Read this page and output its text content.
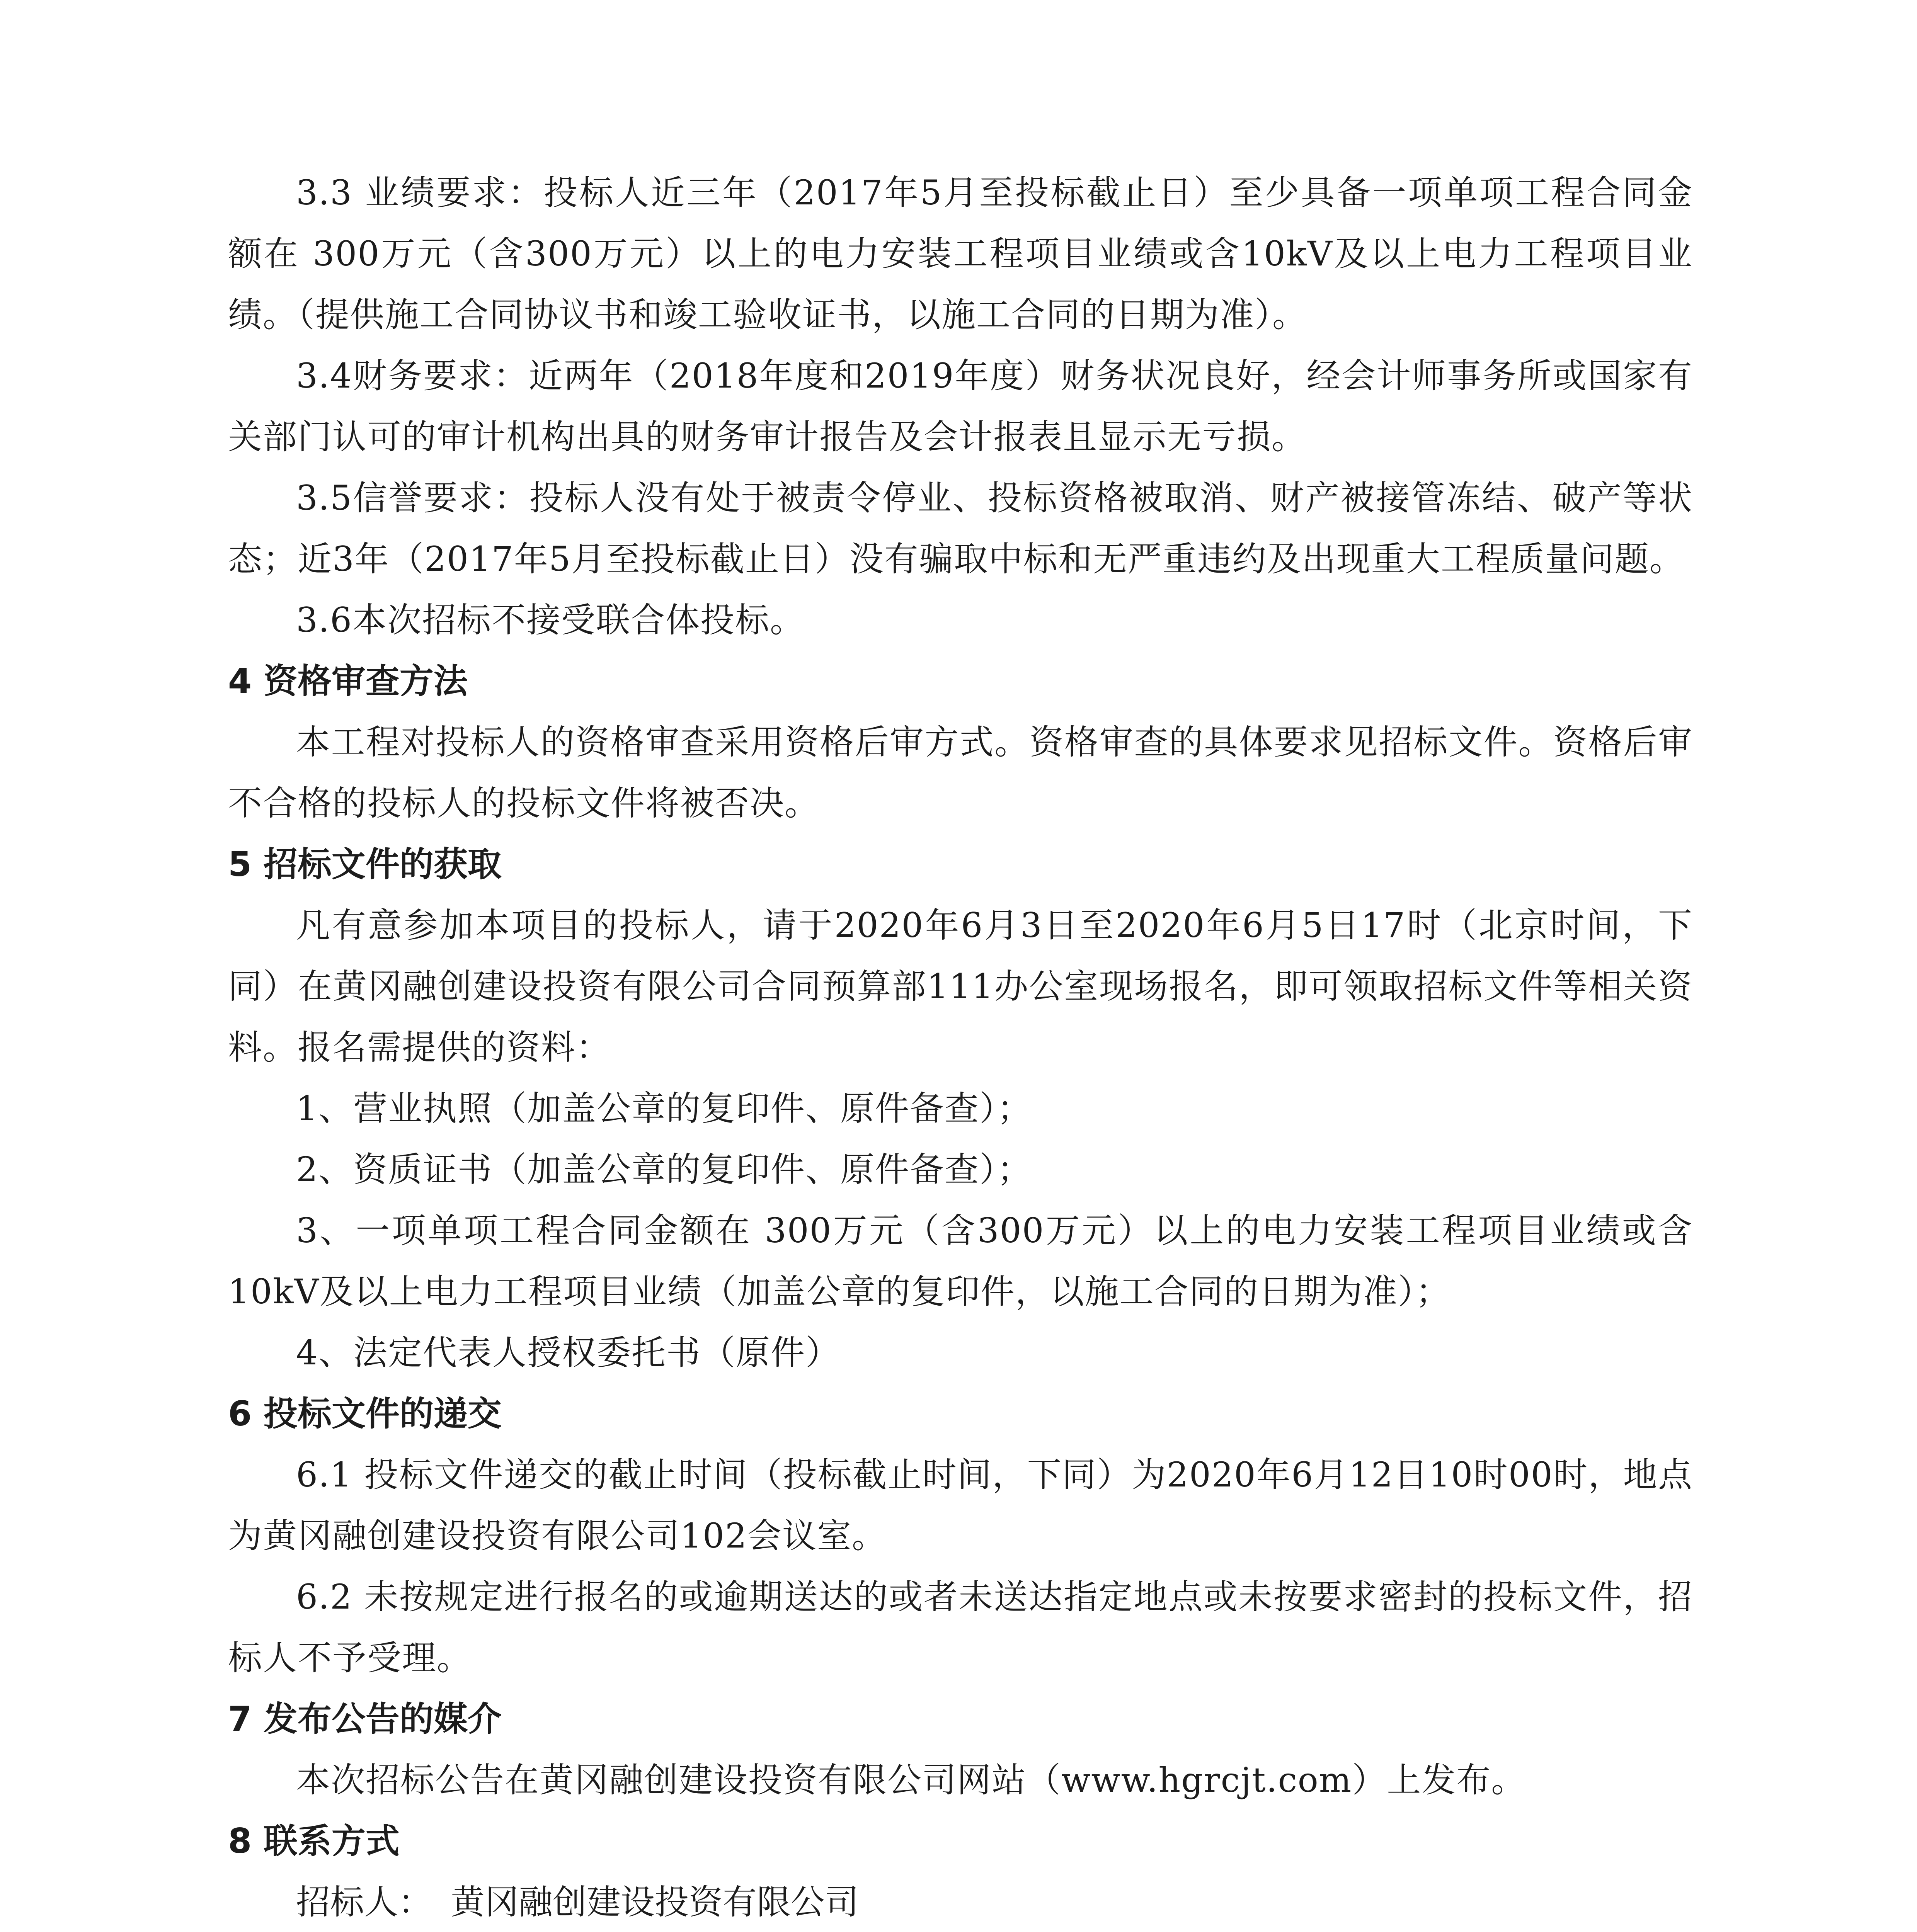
3.3 业绩要求：投标人近三年（2017年5月至投标截止日）至少具备一项单项工程合同金额在 300万元（含300万元）以上的电力安装工程项目业绩或含10kV及以上电力工程项目业绩。（提供施工合同协议书和竣工验收证书，以施工合同的日期为准）。

3.4财务要求：近两年（2018年度和2019年度）财务状况良好，经会计师事务所或国家有关部门认可的审计机构出具的财务审计报告及会计报表且显示无亏损。

3.5信誉要求：投标人没有处于被责令停业、投标资格被取消、财产被接管冻结、破产等状态；近3年（2017年5月至投标截止日）没有骗取中标和无严重违约及出现重大工程质量问题。

3.6本次招标不接受联合体投标。

4 资格审查方法

本工程对投标人的资格审查采用资格后审方式。资格审查的具体要求见招标文件。资格后审不合格的投标人的投标文件将被否决。

5 招标文件的获取

凡有意参加本项目的投标人，请于2020年6月3日至2020年6月5日17时（北京时间，下同）在黄冈融创建设投资有限公司合同预算部111办公室现场报名，即可领取招标文件等相关资料。报名需提供的资料：

1、营业执照（加盖公章的复印件、原件备查）；

2、资质证书（加盖公章的复印件、原件备查）；

3、一项单项工程合同金额在 300万元（含300万元）以上的电力安装工程项目业绩或含10kV及以上电力工程项目业绩（加盖公章的复印件，以施工合同的日期为准）；

4、法定代表人授权委托书（原件）

6 投标文件的递交

6.1 投标文件递交的截止时间（投标截止时间，下同）为2020年6月12日10时00时，地点为黄冈融创建设投资有限公司102会议室。

6.2 未按规定进行报名的或逾期送达的或者未送达指定地点或未按要求密封的投标文件，招标人不予受理。

7 发布公告的媒介

本次招标公告在黄冈融创建设投资有限公司网站（www.hgrcjt.com）上发布。

8 联系方式

招标人： 黄冈融创建设投资有限公司
